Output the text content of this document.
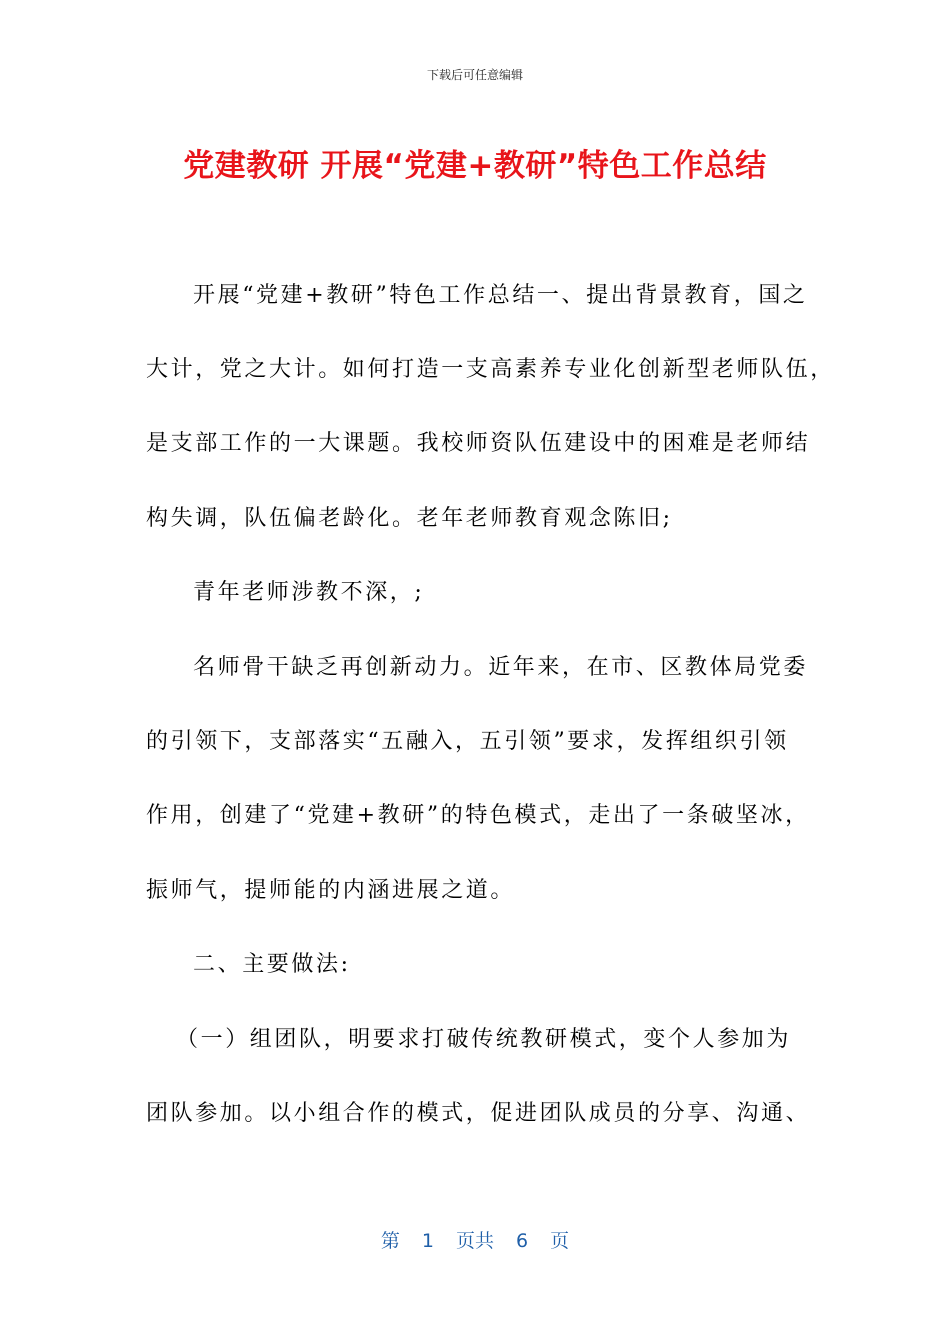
下载后可任意编辑
党建教研 开展“党建+教研”特色工作总结
开展“党建+教研”特色工作总结一、提出背景教育，国之
大计，党之大计。如何打造一支高素养专业化创新型老师队伍，
是支部工作的一大课题。我校师资队伍建设中的困难是老师结
构失调，队伍偏老龄化。老年老师教育观念陈旧;
青年老师涉教不深，;
名师骨干缺乏再创新动力。近年来，在市、区教体局党委
的引领下，支部落实“五融入，五引领”要求，发挥组织引领
作用，创建了“党建+教研”的特色模式，走出了一条破坚冰，
振师气，提师能的内涵进展之道。
二、主要做法:
（一）组团队，明要求打破传统教研模式，变个人参加为
团队参加。以小组合作的模式，促进团队成员的分享、沟通、
第 1 页共 6 页
